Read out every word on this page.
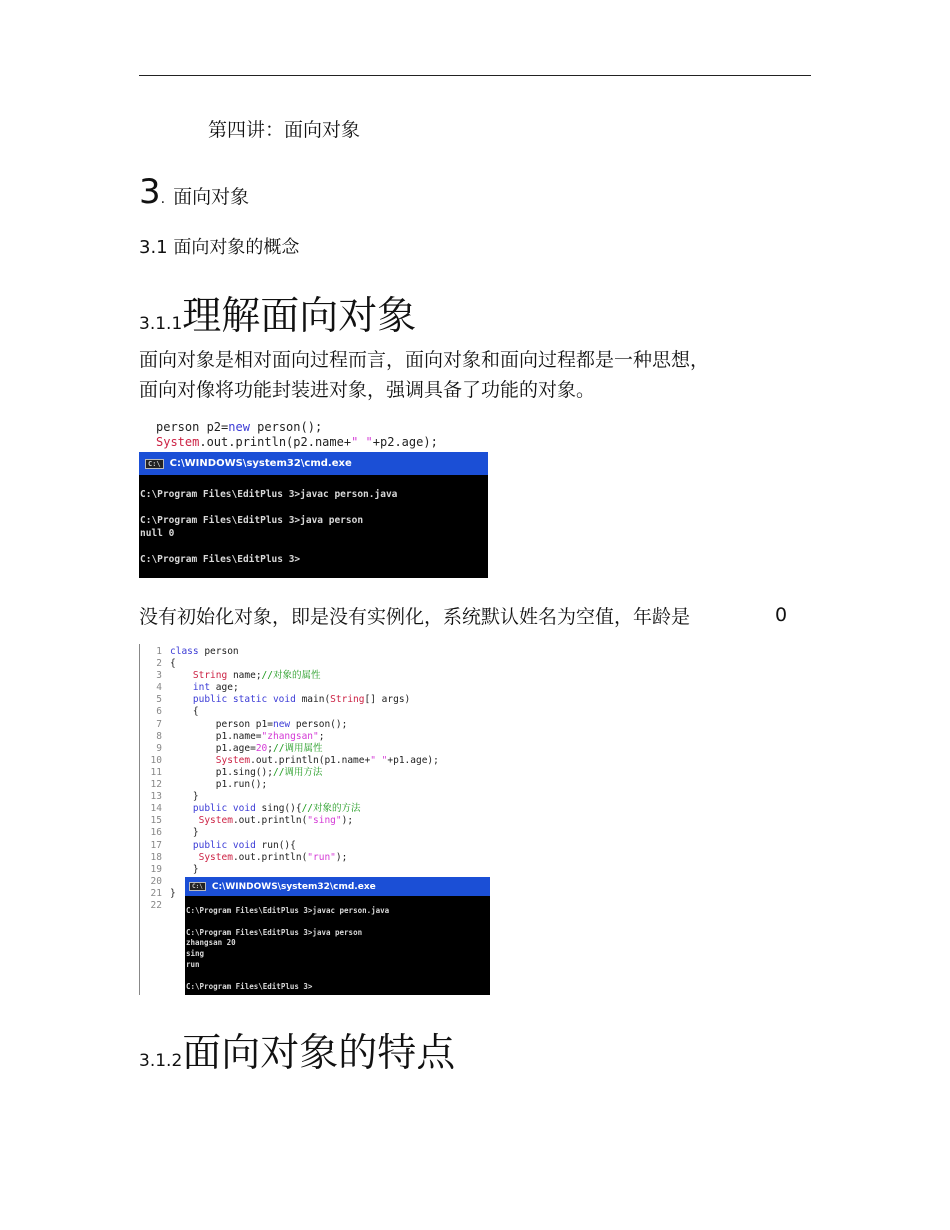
第四讲：面向对象
3 . 面向对象
3.1 面向对象的概念
3.1.1 理解面向对象
面向对象是相对面向过程而言，面向对象和面向过程都是一种思想，
面向对像将功能封装进对象，强调具备了功能的对象。
person p2=new person();
System.out.println(p2.name+" "+p2.age);
C:\ C:\WINDOWS\system32\cmd.exe
C:\Program Files\EditPlus 3>javac person.java

C:\Program Files\EditPlus 3>java person
null 0

C:\Program Files\EditPlus 3>
没有初始化对象，即是没有实例化，系统默认姓名为空值，年龄是	0
1
2
3
4
5
6
7
8
9
10
11
12
13
14
15
16
17
18
19
20
21
22
class person
{
String name;//对象的属性
int age;
public static void main(String[] args)
{
person p1=new person();
p1.name="zhangsan";
p1.age=20;//调用属性
System.out.println(p1.name+" "+p1.age);
p1.sing();//调用方法
p1.run();
}
public void sing(){//对象的方法
System.out.println("sing");
}
public void run(){
System.out.println("run");
}

}
C:\	C:\WINDOWS\system32\cmd.exe
C:\Program Files\EditPlus 3>javac person.java

C:\Program Files\EditPlus 3>java person
zhangsan 20
sing
run

C:\Program Files\EditPlus 3>
3.1.2 面向对象的特点
